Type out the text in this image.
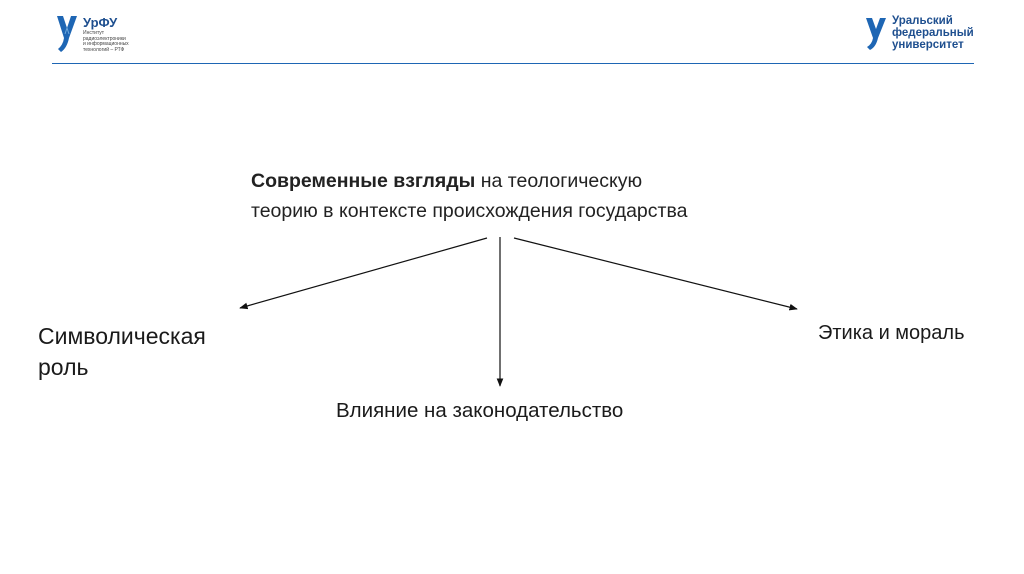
УрФУ
Институт
радиоэлектроники
и информационных
технологий – РТФ
Уральский
федеральный
университет
Современные взгляды на теологическую
теорию в контексте происхождения государства
Символическая роль
Влияние на законодательство
Этика и мораль
